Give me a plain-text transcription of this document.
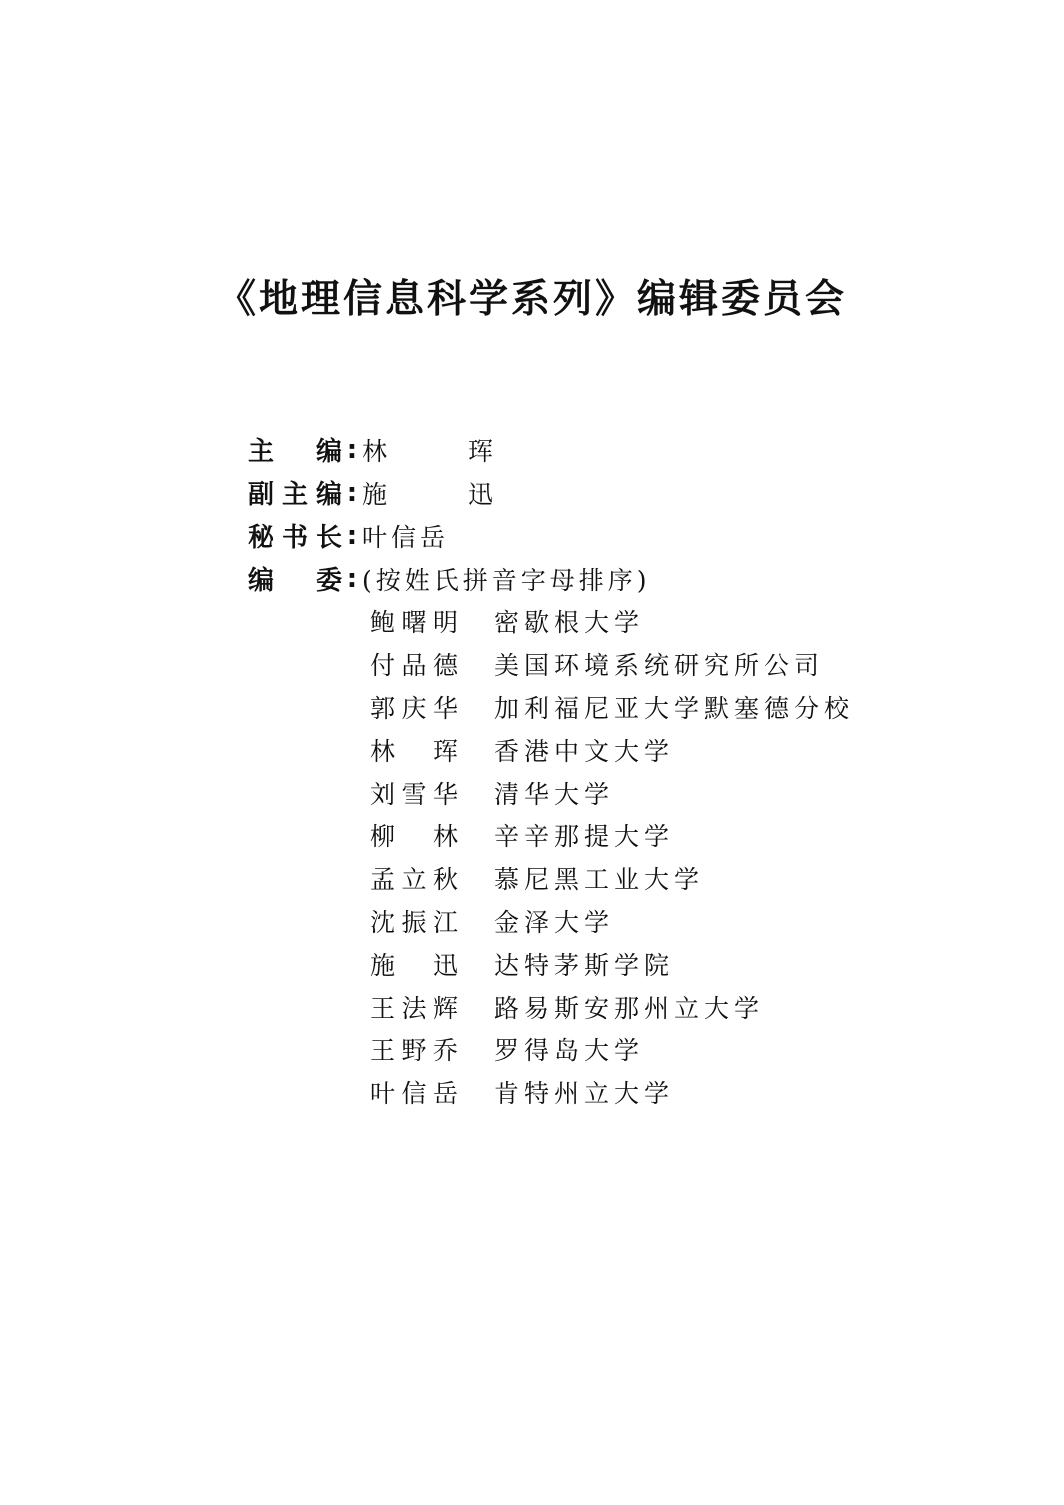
《地理信息科学系列》编辑委员会
主　编 : 林　珲
副主编 : 施　迅
秘书长 : 叶信岳
编　委 : (按姓氏拼音字母排序)
鲍曙明 密歇根大学
付品德 美国环境系统研究所公司
郭庆华 加利福尼亚大学默塞德分校
林　珲 香港中文大学
刘雪华 清华大学
柳　林 辛辛那提大学
孟立秋 慕尼黑工业大学
沈振江 金泽大学
施　迅 达特茅斯学院
王法辉 路易斯安那州立大学
王野乔 罗得岛大学
叶信岳 肯特州立大学
